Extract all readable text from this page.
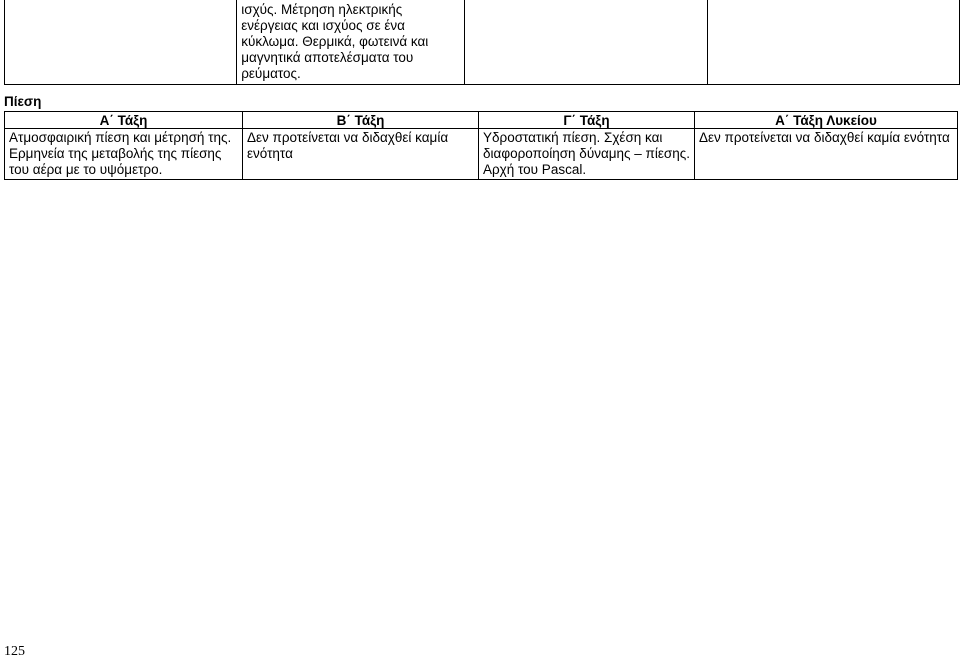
	ισχύς. Μέτρηση ηλεκτρικής ενέργειας και ισχύος σε ένα κύκλωμα. Θερμικά, φωτεινά και μαγνητικά αποτελέσματα του ρεύματος.		
Πίεση
Α΄ Τάξη	Β΄ Τάξη	Γ΄ Τάξη	Α΄ Τάξη Λυκείου
Ατμοσφαιρική πίεση και μέτρησή της. Ερμηνεία της μεταβολής της πίεσης του αέρα με το υψόμετρο.	Δεν προτείνεται να διδαχθεί καμία ενότητα	Υδροστατική πίεση. Σχέση και διαφοροποίηση δύναμης – πίεσης. Αρχή του Pascal.	Δεν προτείνεται να διδαχθεί καμία ενότητα
125
